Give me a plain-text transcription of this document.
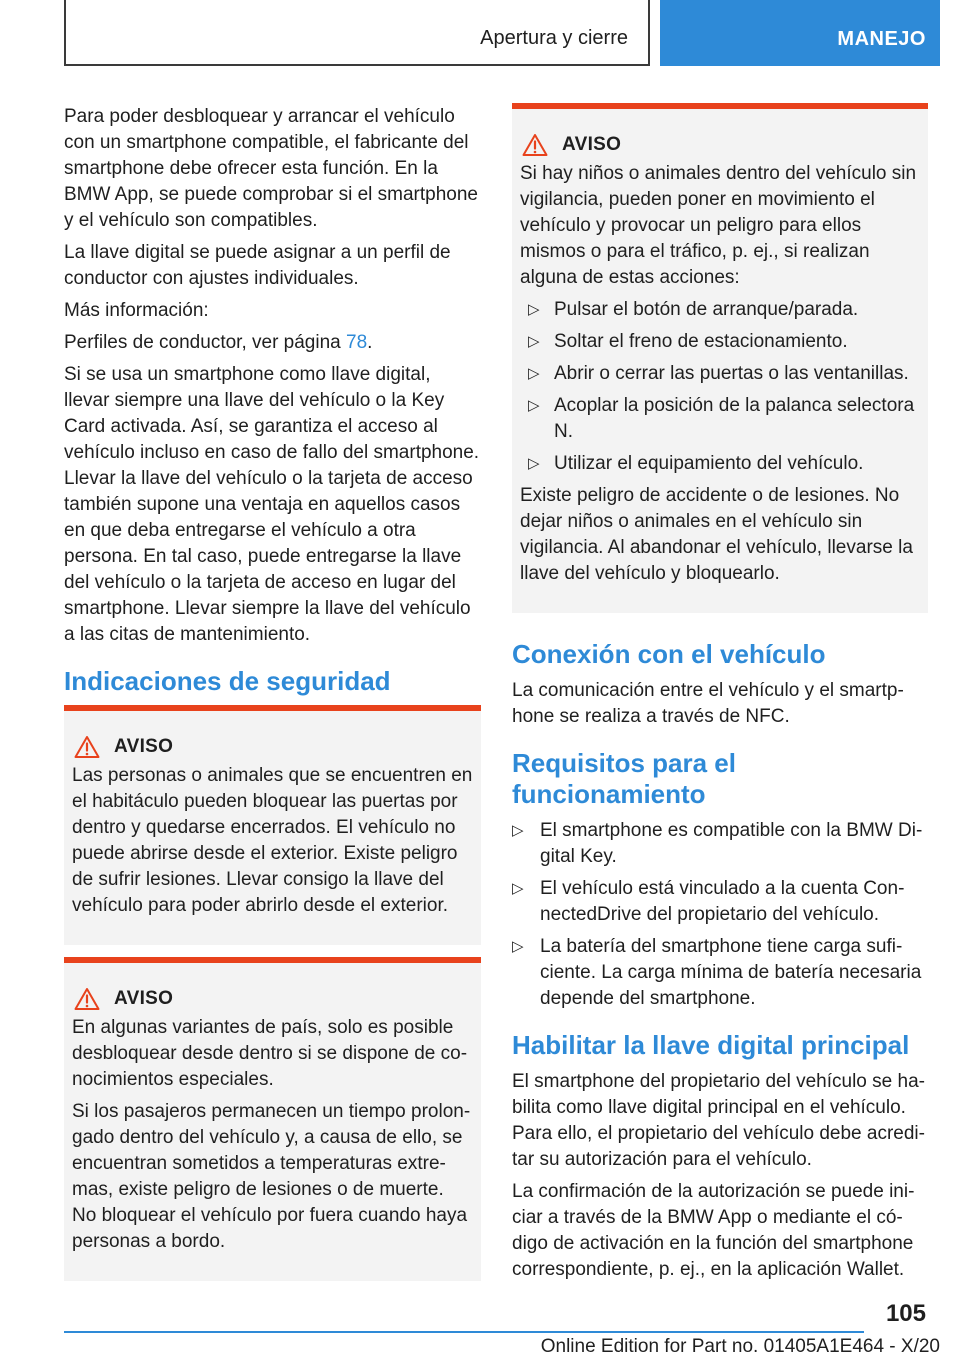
Apertura y cierre	MANEJO

Para poder desbloquear y arrancar el vehículo con un smartphone compatible, el fabricante del smartphone debe ofrecer esta función. En la BMW App, se puede comprobar si el smartphone y el vehículo son compatibles.

La llave digital se puede asignar a un perfil de conductor con ajustes individuales.

Más información:

Perfiles de conductor, ver página 78.

Si se usa un smartphone como llave digital, llevar siempre una llave del vehículo o la Key Card activada. Así, se garantiza el acceso al vehículo incluso en caso de fallo del smartphone. Llevar la llave del vehículo o la tarjeta de acceso también supone una ventaja en aquellos casos en que deba entregarse el vehículo a otra persona. En tal caso, puede entregarse la llave del vehículo o la tarjeta de acceso en lugar del smartphone. Llevar siempre la llave del vehículo a las citas de mantenimiento.

Indicaciones de seguridad
AVISO

Las personas o animales que se encuentren en el habitáculo pueden bloquear las puertas por dentro y quedarse encerrados. El vehículo no puede abrirse desde el exterior. Existe peligro de sufrir lesiones. Llevar consigo la llave del vehículo para poder abrirlo desde el exterior.

AVISO

En algunas variantes de país, solo es posible desbloquear desde dentro si se dispone de conocimientos especiales.

Si los pasajeros permanecen un tiempo prolongado dentro del vehículo y, a causa de ello, se encuentran sometidos a temperaturas extremas, existe peligro de lesiones o de muerte. No bloquear el vehículo por fuera cuando haya personas a bordo.

AVISO

Si hay niños o animales dentro del vehículo sin vigilancia, pueden poner en movimiento el vehículo y provocar un peligro para ellos mismos o para el tráfico, p. ej., si realizan alguna de estas acciones:

▷ Pulsar el botón de arranque/parada.
▷ Soltar el freno de estacionamiento.
▷ Abrir o cerrar las puertas o las ventanillas.
▷ Acoplar la posición de la palanca selectora N.
▷ Utilizar el equipamiento del vehículo.

Existe peligro de accidente o de lesiones. No dejar niños o animales en el vehículo sin vigilancia. Al abandonar el vehículo, llevarse la llave del vehículo y bloquearlo.

Conexión con el vehículo

La comunicación entre el vehículo y el smartphone se realiza a través de NFC.

Requisitos para el funcionamiento
▷ El smartphone es compatible con la BMW Digital Key.
▷ El vehículo está vinculado a la cuenta ConnectedDrive del propietario del vehículo.
▷ La batería del smartphone tiene carga suficiente. La carga mínima de batería necesaria depende del smartphone.
Habilitar la llave digital principal

El smartphone del propietario del vehículo se habilita como llave digital principal en el vehículo. Para ello, el propietario del vehículo debe acreditar su autorización para el vehículo.

La confirmación de la autorización se puede iniciar a través de la BMW App o mediante el código de activación en la función del smartphone correspondiente, p. ej., en la aplicación Wallet.

105
Online Edition for Part no. 01405A1E464 - X/20
